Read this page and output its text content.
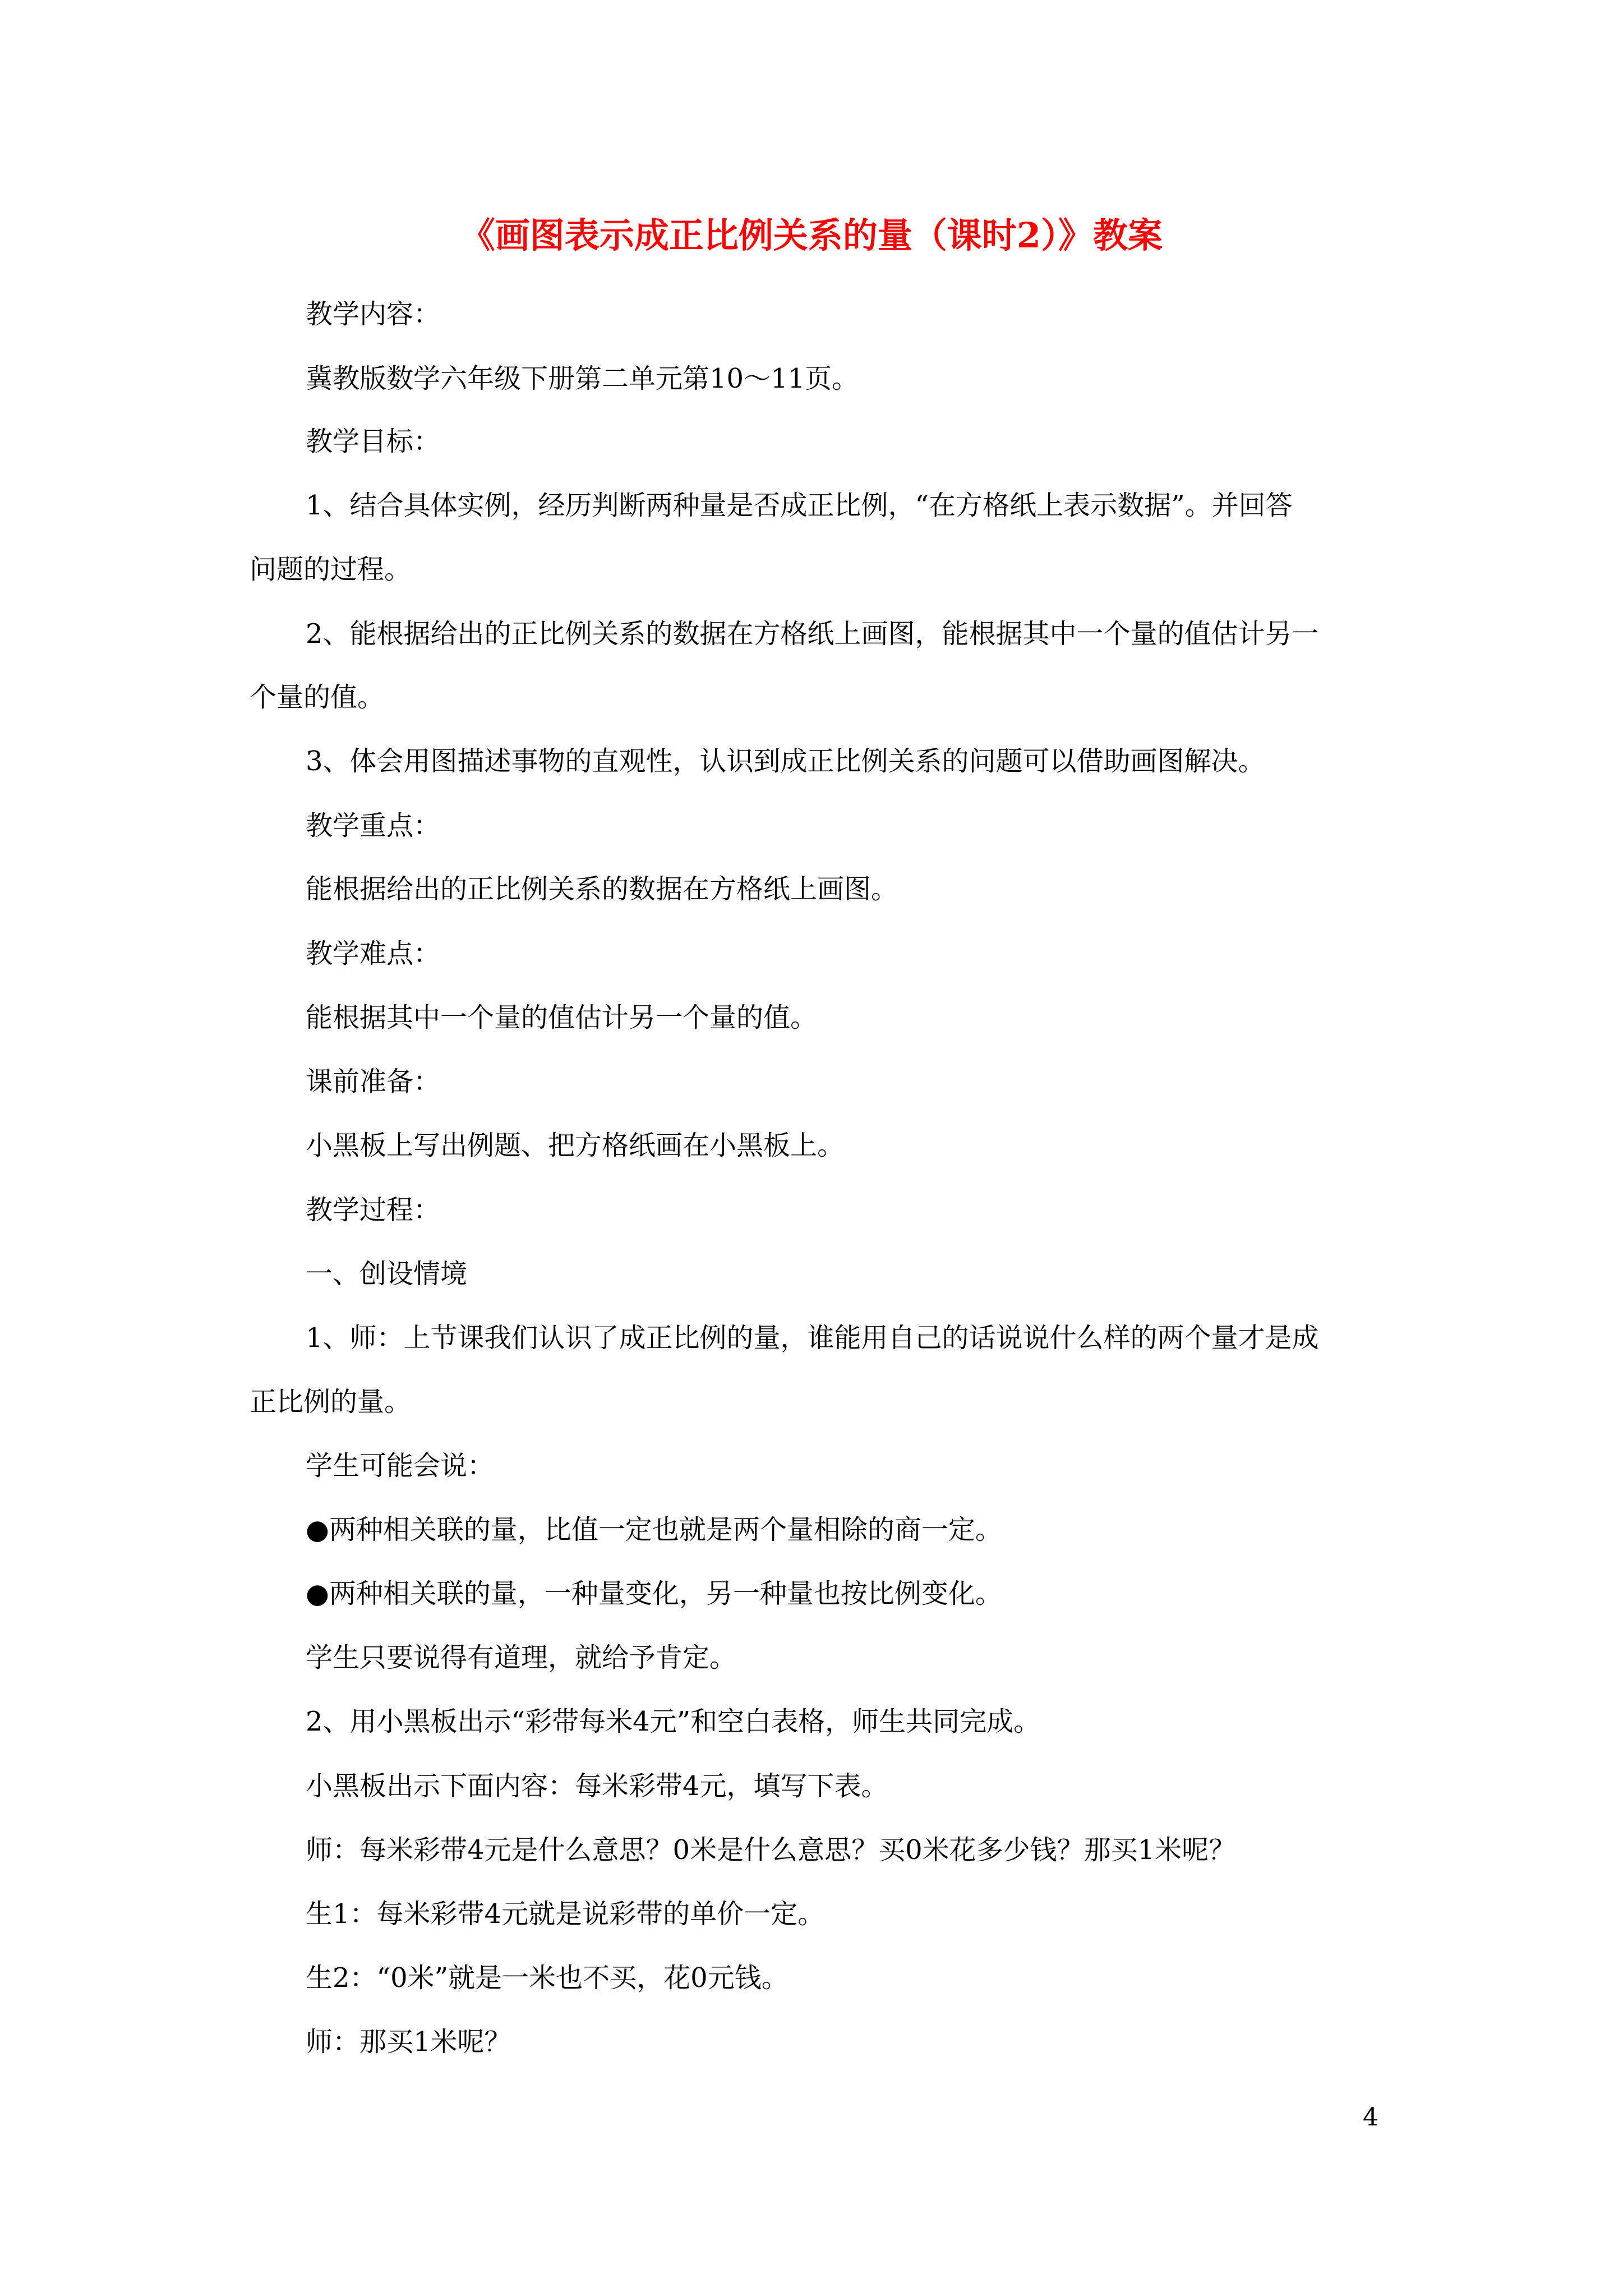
《画图表示成正比例关系的量（课时2）》教案
教学内容：
冀教版数学六年级下册第二单元第10～11页。
教学目标：
1、结合具体实例，经历判断两种量是否成正比例，“在方格纸上表示数据”。并回答
问题的过程。
2、能根据给出的正比例关系的数据在方格纸上画图，能根据其中一个量的值估计另一
个量的值。
3、体会用图描述事物的直观性，认识到成正比例关系的问题可以借助画图解决。
教学重点：
能根据给出的正比例关系的数据在方格纸上画图。
教学难点：
能根据其中一个量的值估计另一个量的值。
课前准备：
小黑板上写出例题、把方格纸画在小黑板上。
教学过程：
一、创设情境
1、师：上节课我们认识了成正比例的量，谁能用自己的话说说什么样的两个量才是成
正比例的量。
学生可能会说：
●两种相关联的量，比值一定也就是两个量相除的商一定。
●两种相关联的量，一种量变化，另一种量也按比例变化。
学生只要说得有道理，就给予肯定。
2、用小黑板出示“彩带每米4元”和空白表格，师生共同完成。
小黑板出示下面内容：每米彩带4元，填写下表。
师：每米彩带4元是什么意思？0米是什么意思？买0米花多少钱？那买1米呢？
生1：每米彩带4元就是说彩带的单价一定。
生2：“0米”就是一米也不买，花0元钱。
师：那买1米呢？
4
